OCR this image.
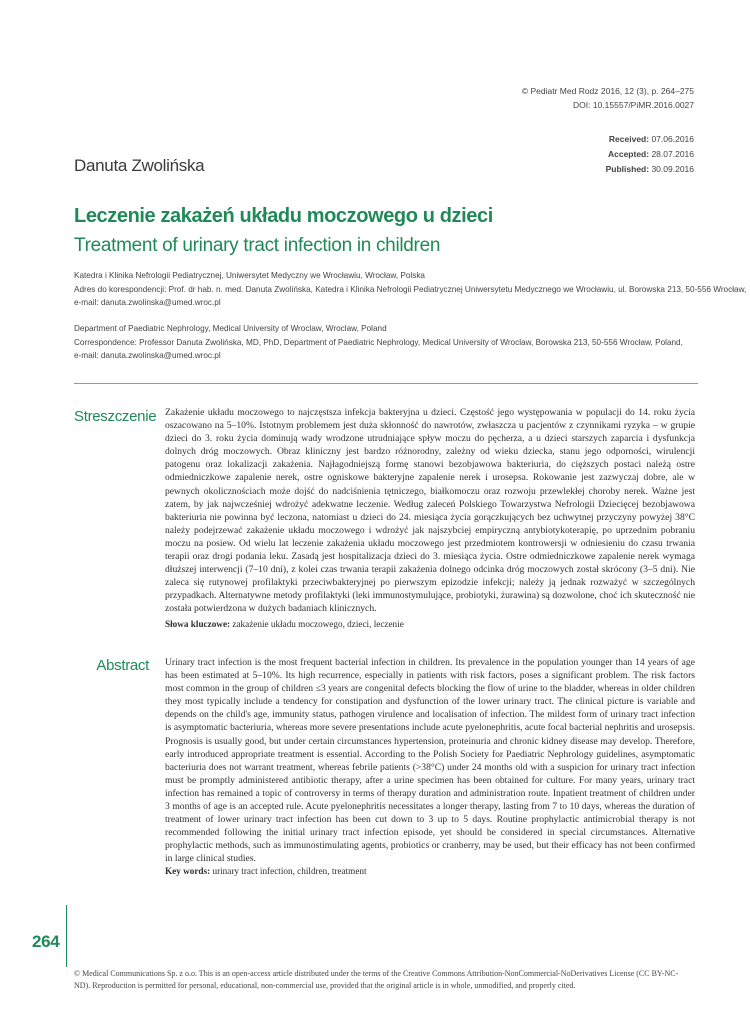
© Pediatr Med Rodz 2016, 12 (3), p. 264–275
DOI: 10.15557/PiMR.2016.0027
Received: 07.06.2016
Accepted: 28.07.2016
Published: 30.09.2016
Danuta Zwolińska
Leczenie zakażeń układu moczowego u dzieci
Treatment of urinary tract infection in children
Katedra i Klinika Nefrologii Pediatrycznej, Uniwersytet Medyczny we Wrocławiu, Wrocław, Polska
Adres do korespondencji: Prof. dr hab. n. med. Danuta Zwolińska, Katedra i Klinika Nefrologii Pediatrycznej Uniwersytetu Medycznego we Wrocławiu, ul. Borowska 213, 50-556 Wrocław,
e-mail: danuta.zwolinska@umed.wroc.pl
Department of Paediatric Nephrology, Medical University of Wroclaw, Wroclaw, Poland
Correspondence: Professor Danuta Zwolińska, MD, PhD, Department of Paediatric Nephrology, Medical University of Wroclaw, Borowska 213, 50-556 Wrocław, Poland,
e-mail: danuta.zwolinska@umed.wroc.pl
Streszczenie Zakażenie układu moczowego to najczęstsza infekcja bakteryjna u dzieci. Częstość jego występowania w populacji do 14. roku życia oszacowano na 5–10%. Istotnym problemem jest duża skłonność do nawrotów, zwłaszcza u pacjentów z czynnikami ryzyka – w grupie dzieci do 3. roku życia dominują wady wrodzone utrudniające spływ moczu do pęcherza, a u dzieci starszych zaparcia i dysfunkcja dolnych dróg moczowych. Obraz kliniczny jest bardzo różnorodny, zależny od wieku dziecka, stanu jego odporności, wirulencji patogenu oraz lokalizacji zakażenia. Najłagodniejszą formę stanowi bezobjawowa bakteriuria, do cięższych postaci należą ostre odmiedniczkowe zapalenie nerek, ostre ogniskowe bakteryjne zapalenie nerek i urosepsa. Rokowanie jest zazwyczaj dobre, ale w pewnych okolicznościach może dojść do nadciśnienia tętniczego, białkomoczu oraz rozwoju przewlekłej choroby nerek. Ważne jest zatem, by jak najwcześniej wdrożyć adekwatne leczenie. Według zaleceń Polskiego Towarzystwa Nefrologii Dziecięcej bezobjawowa bakteriuria nie powinna być leczona, natomiast u dzieci do 24. miesiąca życia gorączkujących bez uchwytnej przyczyny powyżej 38°C należy podejrzewać zakażenie układu moczowego i wdrożyć jak najszybciej empiryczną antybiotykoterapię, po uprzednim pobraniu moczu na posiew. Od wielu lat leczenie zakażenia układu moczowego jest przedmiotem kontrowersji w odniesieniu do czasu trwania terapii oraz drogi podania leku. Zasadą jest hospitalizacja dzieci do 3. miesiąca życia. Ostre odmiedniczkowe zapalenie nerek wymaga dłuższej interwencji (7–10 dni), z kolei czas trwania terapii zakażenia dolnego odcinka dróg moczowych został skrócony (3–5 dni). Nie zaleca się rutynowej profilaktyki przeciwbakteryjnej po pierwszym epizodzie infekcji; należy ją jednak rozważyć w szczególnych przypadkach. Alternatywne metody profilaktyki (leki immunostymulujące, probiotyki, żurawina) są dozwolone, choć ich skuteczność nie została potwierdzona w dużych badaniach klinicznych.
Słowa kluczowe: zakażenie układu moczowego, dzieci, leczenie
Abstract Urinary tract infection is the most frequent bacterial infection in children. Its prevalence in the population younger than 14 years of age has been estimated at 5–10%. Its high recurrence, especially in patients with risk factors, poses a significant problem. The risk factors most common in the group of children ≤3 years are congenital defects blocking the flow of urine to the bladder, whereas in older children they most typically include a tendency for constipation and dysfunction of the lower urinary tract. The clinical picture is variable and depends on the child's age, immunity status, pathogen virulence and localisation of infection. The mildest form of urinary tract infection is asymptomatic bacteriuria, whereas more severe presentations include acute pyelonephritis, acute focal bacterial nephritis and urosepsis. Prognosis is usually good, but under certain circumstances hypertension, proteinuria and chronic kidney disease may develop. Therefore, early introduced appropriate treatment is essential. According to the Polish Society for Paediatric Nephrology guidelines, asymptomatic bacteriuria does not warrant treatment, whereas febrile patients (>38°C) under 24 months old with a suspicion for urinary tract infection must be promptly administered antibiotic therapy, after a urine specimen has been obtained for culture. For many years, urinary tract infection has remained a topic of controversy in terms of therapy duration and administration route. Inpatient treatment of children under 3 months of age is an accepted rule. Acute pyelonephritis necessitates a longer therapy, lasting from 7 to 10 days, whereas the duration of treatment of lower urinary tract infection has been cut down to 3 up to 5 days. Routine prophylactic antimicrobial therapy is not recommended following the initial urinary tract infection episode, yet should be considered in special circumstances. Alternative prophylactic methods, such as immunostimulating agents, probiotics or cranberry, may be used, but their efficacy has not been confirmed in large clinical studies.
Key words: urinary tract infection, children, treatment
264
© Medical Communications Sp. z o.o. This is an open-access article distributed under the terms of the Creative Commons Attribution-NonCommercial-NoDerivatives License (CC BY-NC-ND). Reproduction is permitted for personal, educational, non-commercial use, provided that the original article is in whole, unmodified, and properly cited.
